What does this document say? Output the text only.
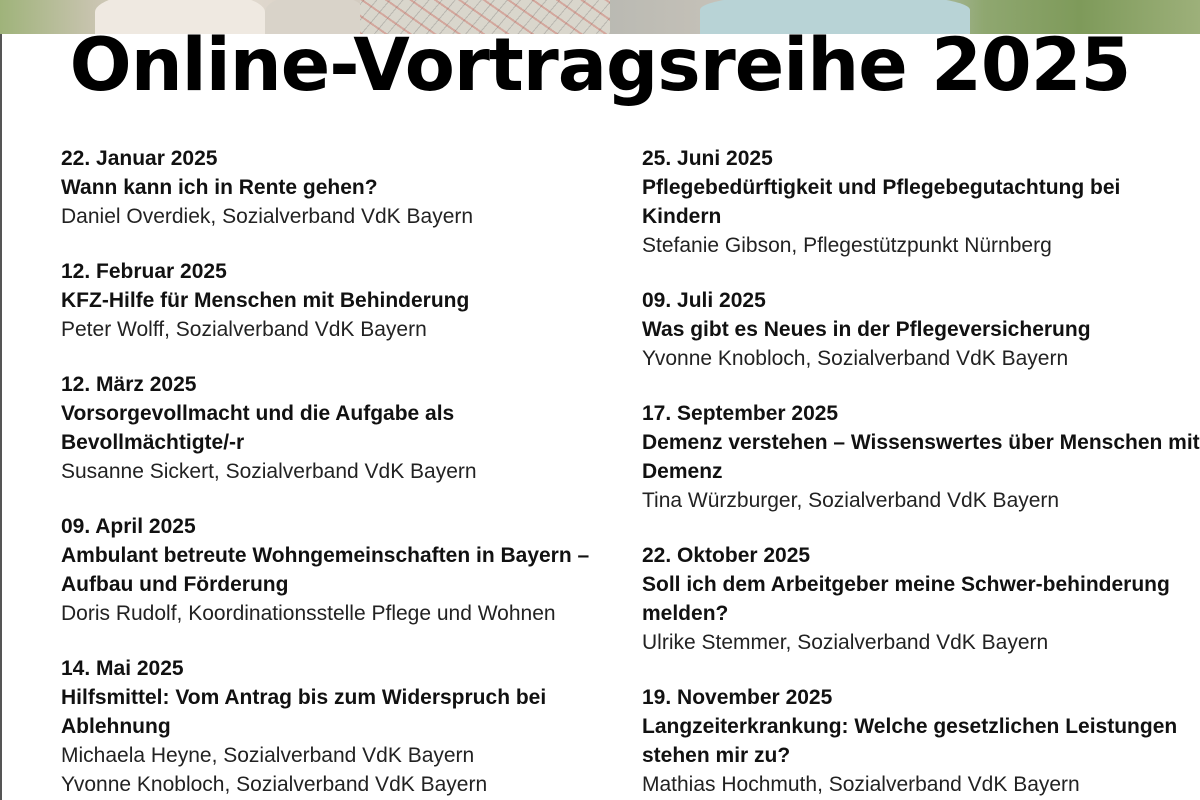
Online-Vortragsreihe 2025
22. Januar 2025
Wann kann ich in Rente gehen?
Daniel Overdiek, Sozialverband VdK Bayern
12. Februar 2025
KFZ-Hilfe für Menschen mit Behinderung
Peter Wolff, Sozialverband VdK Bayern
12. März 2025
Vorsorgevollmacht und die Aufgabe als Bevollmächtigte/-r
Susanne Sickert, Sozialverband VdK Bayern
09. April 2025
Ambulant betreute Wohngemeinschaften in Bayern – Aufbau und Förderung
Doris Rudolf, Koordinationsstelle Pflege und Wohnen
14. Mai 2025
Hilfsmittel: Vom Antrag bis zum Widerspruch bei Ablehnung
Michaela Heyne, Sozialverband VdK Bayern
Yvonne Knobloch, Sozialverband VdK Bayern
25. Juni 2025
Pflegebedürftigkeit und Pflegebegutachtung bei Kindern
Stefanie Gibson, Pflegestützpunkt Nürnberg
09. Juli 2025
Was gibt es Neues in der Pflegeversicherung
Yvonne Knobloch, Sozialverband VdK Bayern
17. September 2025
Demenz verstehen – Wissenswertes über Menschen mit Demenz
Tina Würzburger, Sozialverband VdK Bayern
22. Oktober 2025
Soll ich dem Arbeitgeber meine Schwer-behinderung melden?
Ulrike Stemmer, Sozialverband VdK Bayern
19. November 2025
Langzeiterkrankung: Welche gesetzlichen Leistungen stehen mir zu?
Mathias Hochmuth, Sozialverband VdK Bayern
